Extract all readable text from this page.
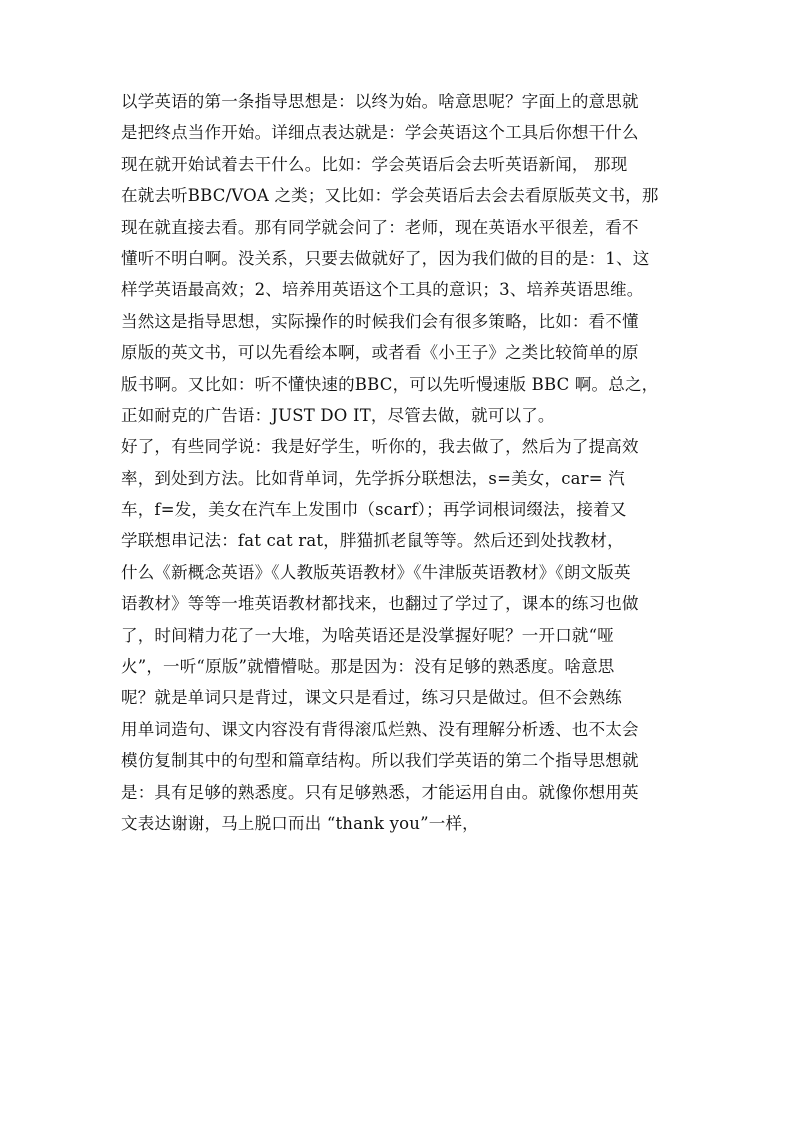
以学英语的第一条指导思想是：以终为始。啥意思呢？字面上的意思就
是把终点当作开始。详细点表达就是：学会英语这个工具后你想干什么
现在就开始试着去干什么。比如：学会英语后会去听英语新闻， 那现
在就去听BBC/VOA 之类；又比如：学会英语后去会去看原版英文书，那
现在就直接去看。那有同学就会问了：老师，现在英语水平很差，看不
懂听不明白啊。没关系，只要去做就好了，因为我们做的目的是：1、这
样学英语最高效；2、培养用英语这个工具的意识；3、培养英语思维。
当然这是指导思想，实际操作的时候我们会有很多策略，比如：看不懂
原版的英文书，可以先看绘本啊，或者看《小王子》之类比较简单的原
版书啊。又比如：听不懂快速的BBC，可以先听慢速版 BBC 啊。总之，
正如耐克的广告语：JUST DO IT，尽管去做，就可以了。
好了，有些同学说：我是好学生，听你的，我去做了，然后为了提高效
率，到处到方法。比如背单词，先学拆分联想法，s=美女，car= 汽
车，f=发，美女在汽车上发围巾（scarf）；再学词根词缀法，接着又
学联想串记法：fat cat rat，胖猫抓老鼠等等。然后还到处找教材，
什么《新概念英语》《人教版英语教材》《牛津版英语教材》《朗文版英
语教材》等等一堆英语教材都找来，也翻过了学过了，课本的练习也做
了，时间精力花了一大堆，为啥英语还是没掌握好呢？一开口就“哑
火”，一听“原版”就懵懵哒。那是因为：没有足够的熟悉度。啥意思
呢？就是单词只是背过，课文只是看过，练习只是做过。但不会熟练
用单词造句、课文内容没有背得滚瓜烂熟、没有理解分析透、也不太会
模仿复制其中的句型和篇章结构。所以我们学英语的第二个指导思想就
是：具有足够的熟悉度。只有足够熟悉，才能运用自由。就像你想用英
文表达谢谢，马上脱口而出 “thank you”一样，
